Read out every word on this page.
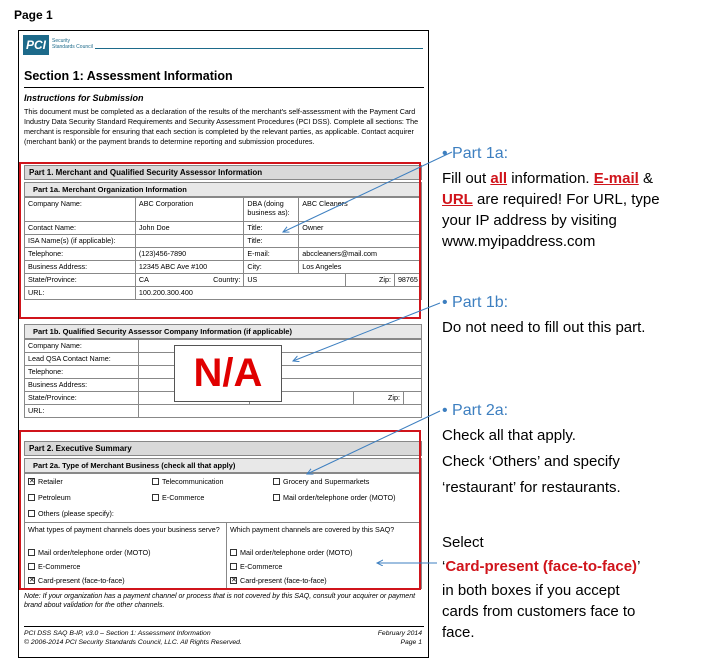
Page 1
PCI	Security
Standards Council
Section 1: Assessment Information
Instructions for Submission
This document must be completed as a declaration of the results of the merchant's self-assessment with the Payment Card Industry Data Security Standard Requirements and Security Assessment Procedures (PCI DSS). Complete all sections: The merchant is responsible for ensuring that each section is completed by the relevant parties, as applicable. Contact acquirer (merchant bank) or the payment brands to determine reporting and submission procedures.
Part 1. Merchant and Qualified Security Assessor Information
Part 1a. Merchant Organization Information
Company Name:	ABC Corporation	DBA (doing business as):	ABC Cleaners		
Contact Name:	John Doe	Title:	Owner		
ISA Name(s) (if applicable):		Title:			
Telephone:	(123)456-7890	E-mail:	abccleaners@mail.com		
Business Address:	12345 ABC Ave #100	City:	Los Angeles		
State/Province:	CA Country:	US		Zip:	98765
URL:	100.200.300.400				
Part 1b. Qualified Security Assessor Company Information (if applicable)
Company Name:				
Lead QSA Contact Name:				
Telephone:				
Business Address:				
State/Province:			Zip:	
URL:				
Part 2. Executive Summary
Part 2a. Type of Merchant Business (check all that apply)
✕ Retailer	Telecommunication	Grocery and Supermarkets
Petroleum	E-Commerce	Mail order/telephone order (MOTO)
Others (please specify):
What types of payment channels does your business serve?	Which payment channels are covered by this SAQ?
Mail order/telephone order (MOTO)
E-Commerce
✕ Card-present (face-to-face)
Mail order/telephone order (MOTO)
E-Commerce
✕ Card-present (face-to-face)
Note: If your organization has a payment channel or process that is not covered by this SAQ, consult your acquirer or payment brand about validation for the other channels.
PCI DSS SAQ B-IP, v3.0 – Section 1: Assessment Information
© 2006-2014 PCI Security Standards Council, LLC. All Rights Reserved.
February 2014
Page 1
N/A
• Part 1a:
Fill out all information. E-mail &
URL are required! For URL, type
your IP address by visiting
www.myipaddress.com
• Part 1b:
Do not need to fill out this part.
• Part 2a:
Check all that apply.
Check ‘Others’ and specify
‘restaurant’ for restaurants.
Select
‘Card-present (face-to-face)’
in both boxes if you accept
cards from customers face to
face.
